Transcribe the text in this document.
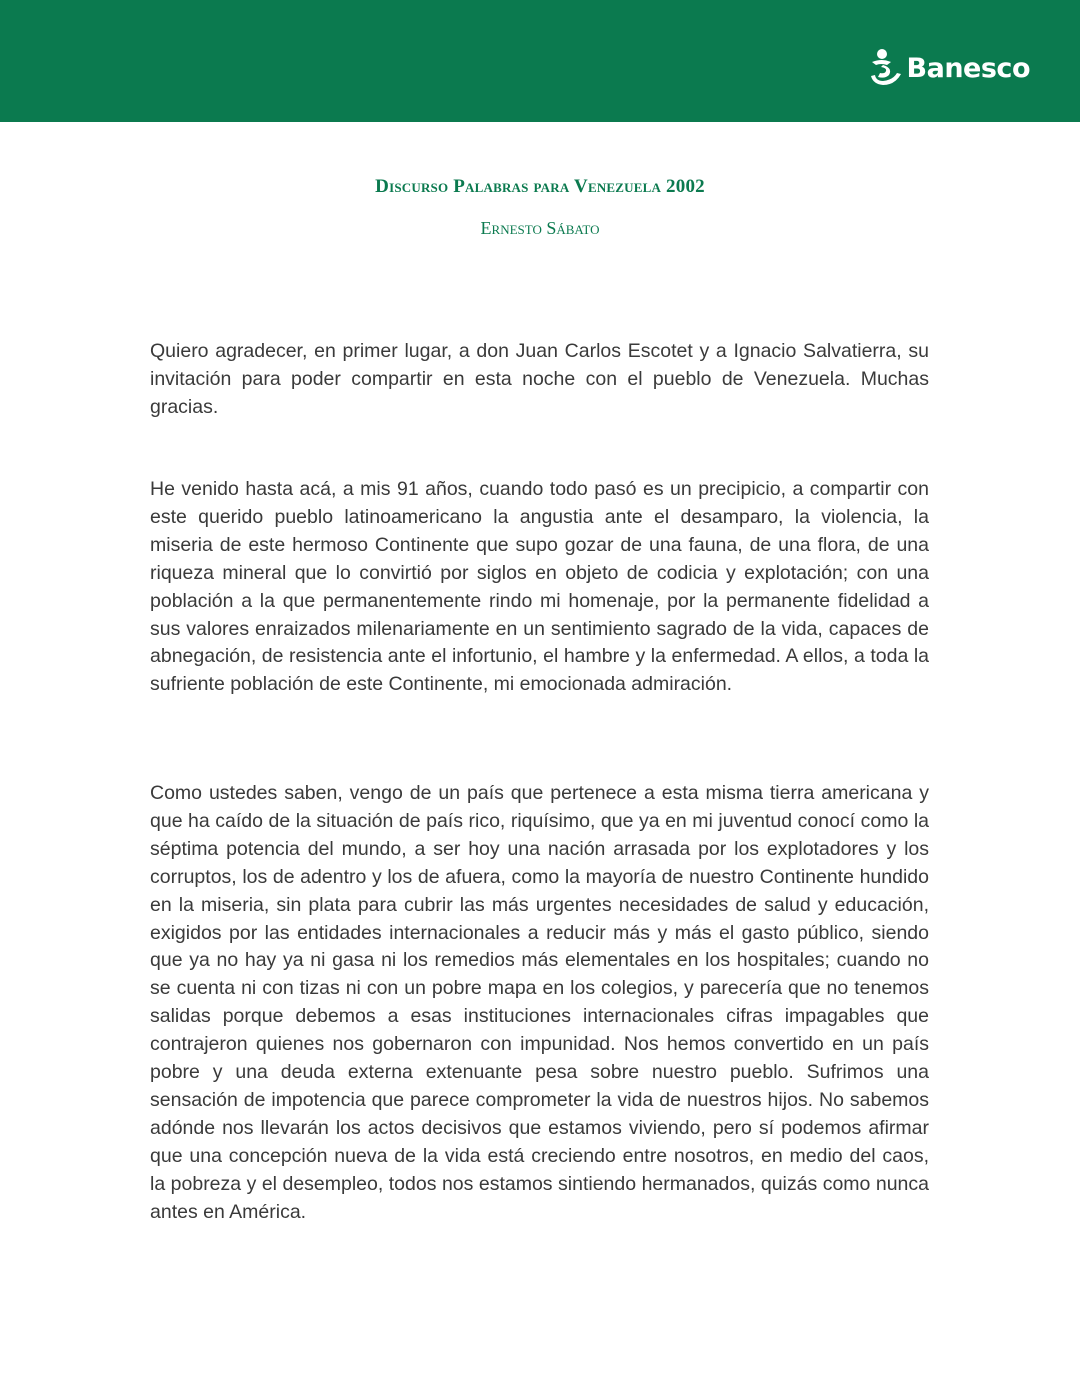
Banesco
Discurso Palabras para Venezuela 2002
Ernesto Sábato

Quiero agradecer, en primer lugar, a don Juan Carlos Escotet y a Ignacio Salvatierra, su invitación para poder compartir en esta noche con el pueblo de Venezuela. Muchas gracias.

He venido hasta acá, a mis 91 años, cuando todo pasó es un precipicio, a compartir con este querido pueblo latinoamericano la angustia ante el desamparo, la violencia, la miseria de este hermoso Continente que supo gozar de una fauna, de una flora, de una riqueza mineral que lo convirtió por siglos en objeto de codicia y explotación; con una población a la que permanentemente rindo mi homenaje, por la permanente fidelidad a sus valores enraizados milenariamente en un sentimiento sagrado de la vida, capaces de abnegación, de resistencia ante el infortunio, el hambre y la enfermedad. A ellos, a toda la sufriente población de este Continente, mi emocionada admiración.

Como ustedes saben, vengo de un país que pertenece a esta misma tierra americana y que ha caído de la situación de país rico, riquísimo, que ya en mi juventud conocí como la séptima potencia del mundo, a ser hoy una nación arrasada por los explotadores y los corruptos, los de adentro y los de afuera, como la mayoría de nuestro Continente hundido en la miseria, sin plata para cubrir las más urgentes necesidades de salud y educación, exigidos por las entidades internacionales a reducir más y más el gasto público, siendo que ya no hay ya ni gasa ni los remedios más elementales en los hospitales; cuando no se cuenta ni con tizas ni con un pobre mapa en los colegios, y parecería que no tenemos salidas porque debemos a esas instituciones internacionales cifras impagables que contrajeron quienes nos gobernaron con impunidad. Nos hemos convertido en un país pobre y una deuda externa extenuante pesa sobre nuestro pueblo. Sufrimos una sensación de impotencia que parece comprometer la vida de nuestros hijos. No sabemos adónde nos llevarán los actos decisivos que estamos viviendo, pero sí podemos afirmar que una concepción nueva de la vida está creciendo entre nosotros, en medio del caos, la pobreza y el desempleo, todos nos estamos sintiendo hermanados, quizás como nunca antes en América.
